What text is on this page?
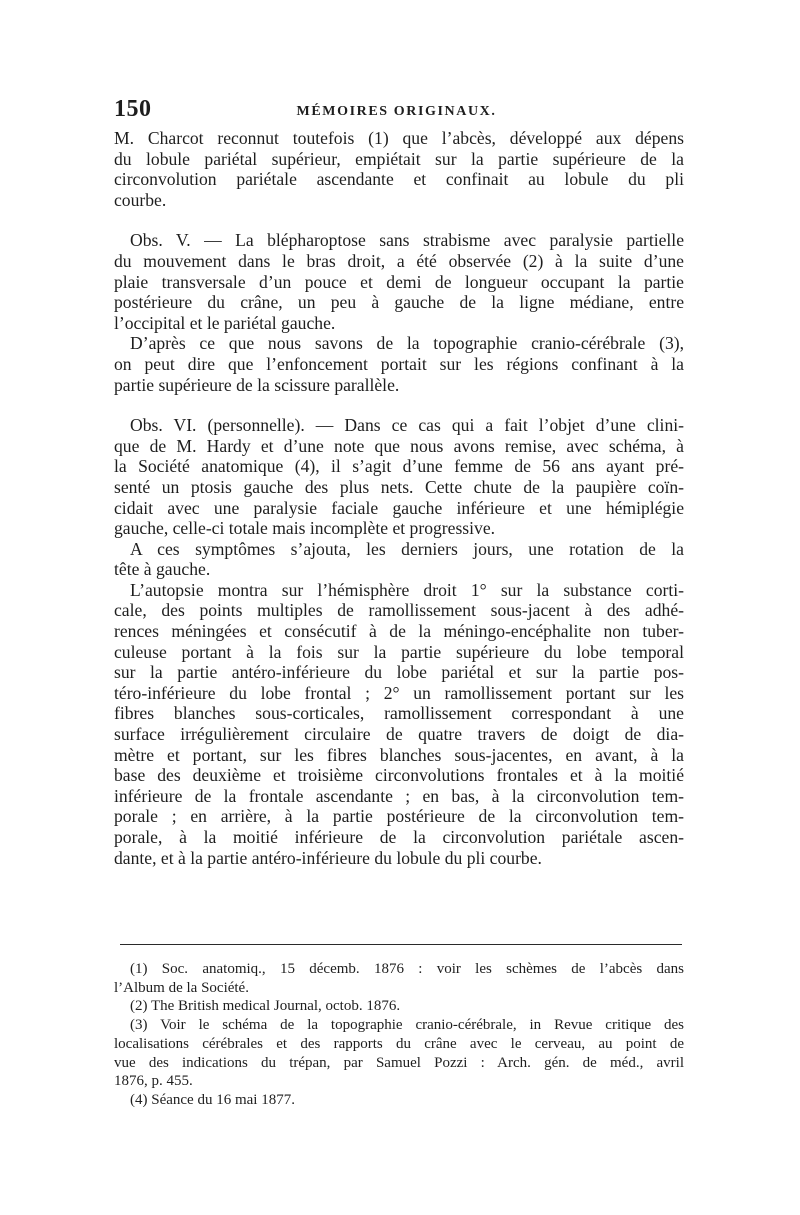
150	MÉMOIRES ORIGINAUX.
M. Charcot reconnut toutefois (1) que l’abcès, développé aux dépens
du lobule pariétal supérieur, empiétait sur la partie supérieure de la
circonvolution pariétale ascendante et confinait au lobule du pli
courbe.
Obs. V. — La blépharoptose sans strabisme avec paralysie partielle
du mouvement dans le bras droit, a été observée (2) à la suite d’une
plaie transversale d’un pouce et demi de longueur occupant la partie
postérieure du crâne, un peu à gauche de la ligne médiane, entre
l’occipital et le pariétal gauche.
D’après ce que nous savons de la topographie cranio-cérébrale (3),
on peut dire que l’enfoncement portait sur les régions confinant à la
partie supérieure de la scissure parallèle.
Obs. VI. (personnelle). — Dans ce cas qui a fait l’objet d’une clini-
que de M. Hardy et d’une note que nous avons remise, avec schéma, à
la Société anatomique (4), il s’agit d’une femme de 56 ans ayant pré-
senté un ptosis gauche des plus nets. Cette chute de la paupière coïn-
cidait avec une paralysie faciale gauche inférieure et une hémiplégie
gauche, celle-ci totale mais incomplète et progressive.
A ces symptômes s’ajouta, les derniers jours, une rotation de la
tête à gauche.
L’autopsie montra sur l’hémisphère droit 1° sur la substance corti-
cale, des points multiples de ramollissement sous-jacent à des adhé-
rences méningées et consécutif à de la méningo-encéphalite non tuber-
culeuse portant à la fois sur la partie supérieure du lobe temporal
sur la partie antéro-inférieure du lobe pariétal et sur la partie pos-
téro-inférieure du lobe frontal ; 2° un ramollissement portant sur les
fibres blanches sous-corticales, ramollissement correspondant à une
surface irrégulièrement circulaire de quatre travers de doigt de dia-
mètre et portant, sur les fibres blanches sous-jacentes, en avant, à la
base des deuxième et troisième circonvolutions frontales et à la moitié
inférieure de la frontale ascendante ; en bas, à la circonvolution tem-
porale ; en arrière, à la partie postérieure de la circonvolution tem-
porale, à la moitié inférieure de la circonvolution pariétale ascen-
dante, et à la partie antéro-inférieure du lobule du pli courbe.
(1) Soc. anatomiq., 15 décemb. 1876 : voir les schèmes de l’abcès dans
l’Album de la Société.
(2) The British medical Journal, octob. 1876.
(3) Voir le schéma de la topographie cranio-cérébrale, in Revue critique des
localisations cérébrales et des rapports du crâne avec le cerveau, au point de
vue des indications du trépan, par Samuel Pozzi : Arch. gén. de méd., avril
1876, p. 455.
(4) Séance du 16 mai 1877.
